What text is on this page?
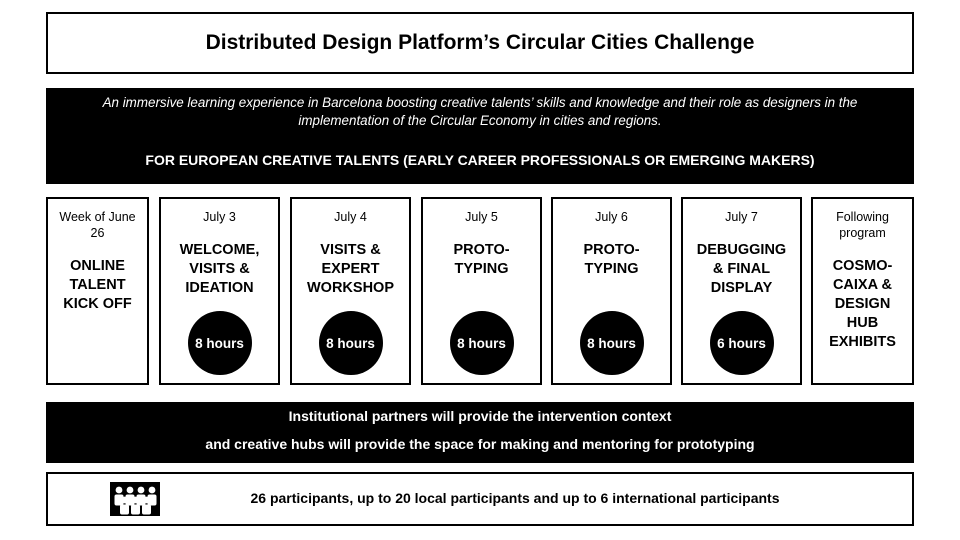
Distributed Design Platform’s Circular Cities Challenge
An immersive learning experience in Barcelona boosting creative talents’ skills and knowledge and their role as designers in the implementation of the Circular Economy in cities and regions.
FOR EUROPEAN CREATIVE TALENTS (EARLY CAREER PROFESSIONALS OR EMERGING MAKERS)
Week of June 26
ONLINE TALENT KICK OFF
July 3
WELCOME, VISITS & IDEATION
8 hours
July 4
VISITS & EXPERT WORKSHOP
8 hours
July 5
PROTO- TYPING
8 hours
July 6
PROTO- TYPING
8 hours
July 7
DEBUGGING & FINAL DISPLAY
6 hours
Following program
COSMO- CAIXA & DESIGN HUB EXHIBITS
Institutional partners will provide the intervention context
and creative hubs will provide the space for making and mentoring for prototyping
26 participants, up to 20 local participants and up to 6 international participants
